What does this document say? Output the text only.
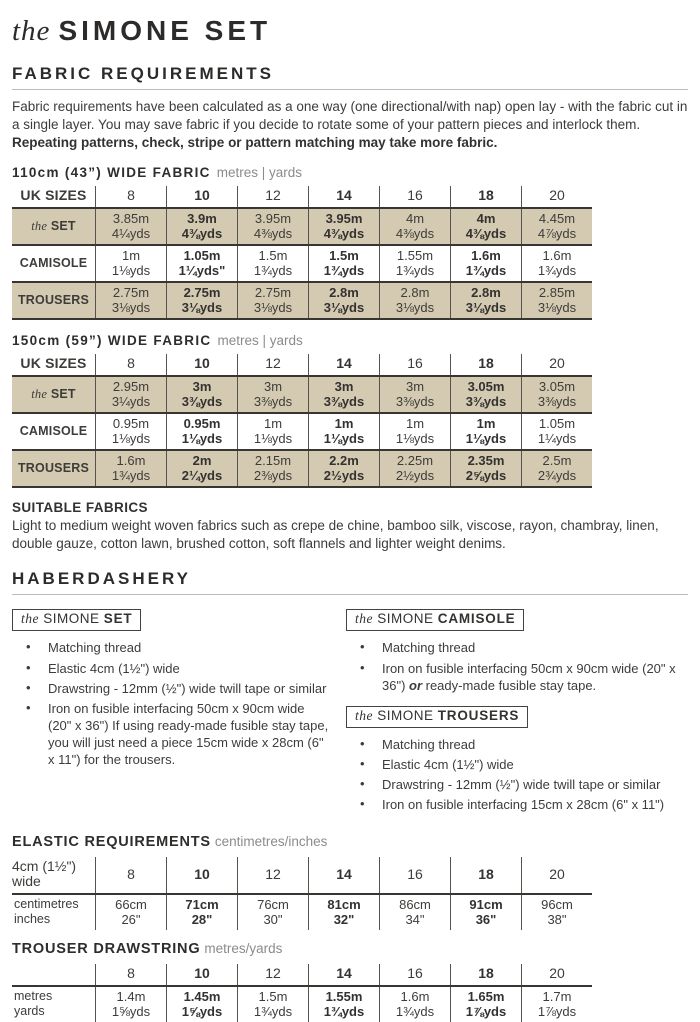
the SIMONE SET
FABRIC REQUIREMENTS

Fabric requirements have been calculated as a one way (one directional/with nap) open lay - with the fabric cut in a single layer. You may save fabric if you decide to rotate some of your pattern pieces and interlock them.
Repeating patterns, check, stripe or pattern matching may take more fabric.

110cm (43”) WIDE FABRIC metres | yards
UK SIZES	8	10	12	14	16	18	20
the SET	3.85m
4¼yds

3.9m
4⅜yds

3.95m
4⅜yds

3.95m
4⅜yds

4m
4⅜yds

4m
4⅜yds

4.45m
4⅞yds

CAMISOLE	1m
1⅛yds

1.05m
1¼yds"

1.5m
1¾yds

1.5m
1¾yds

1.55m
1¾yds

1.6m
1¾yds

1.6m
1¾yds

TROUSERS	2.75m
3⅛yds

2.75m
3⅛yds

2.75m
3⅛yds

2.8m
3⅛yds

2.8m
3⅛yds

2.8m
3⅛yds

2.85m
3⅛yds
150cm (59”) WIDE FABRIC metres | yards
UK SIZES	8	10	12	14	16	18	20
the SET	2.95m
3¼yds

3m
3⅜yds

3m
3⅜yds

3m
3⅜yds

3m
3⅜yds

3.05m
3⅜yds

3.05m
3⅜yds

CAMISOLE	0.95m
1⅛yds

0.95m
1⅛yds

1m
1⅛yds

1m
1⅛yds

1m
1⅛yds

1m
1⅛yds

1.05m
1¼yds

TROUSERS	1.6m
1¾yds

2m
2¼yds

2.15m
2⅜yds

2.2m
2½yds

2.25m
2½yds

2.35m
2⅝yds

2.5m
2¾yds
SUITABLE FABRICS

Light to medium weight woven fabrics such as crepe de chine, bamboo silk, viscose, rayon, chambray, linen, double gauze, cotton lawn, brushed cotton, soft flannels and lighter weight denims.

HABERDASHERY
the SIMONE SET
• Matching thread
• Elastic 4cm (1½") wide
• Drawstring - 12mm (½") wide twill tape or similar
• Iron on fusible interfacing 50cm x 90cm wide (20" x 36") If using ready-made fusible stay tape, you will just need a piece 15cm wide x 28cm (6" x 11") for the trousers.
the SIMONE CAMISOLE
• Matching thread
• Iron on fusible interfacing 50cm x 90cm wide (20" x 36") or ready-made fusible stay tape.
the SIMONE TROUSERS
• Matching thread
• Elastic 4cm (1½") wide
• Drawstring - 12mm (½") wide twill tape or similar
• Iron on fusible interfacing 15cm x 28cm (6" x 11")
ELASTIC REQUIREMENTS centimetres/inches
4cm (1½") wide	8	10	12	14	16	18	20

centimetres
inches

66cm
26"

71cm
28"

76cm
30"

81cm
32"

86cm
34"

91cm
36"

96cm
38"
TROUSER DRAWSTRING metres/yards
	8	10	12	14	16	18	20

metres
yards

1.4m
1⅝yds

1.45m
1⅝yds

1.5m
1¾yds

1.55m
1¾yds

1.6m
1¾yds

1.65m
1⅞yds

1.7m
1⅞yds
